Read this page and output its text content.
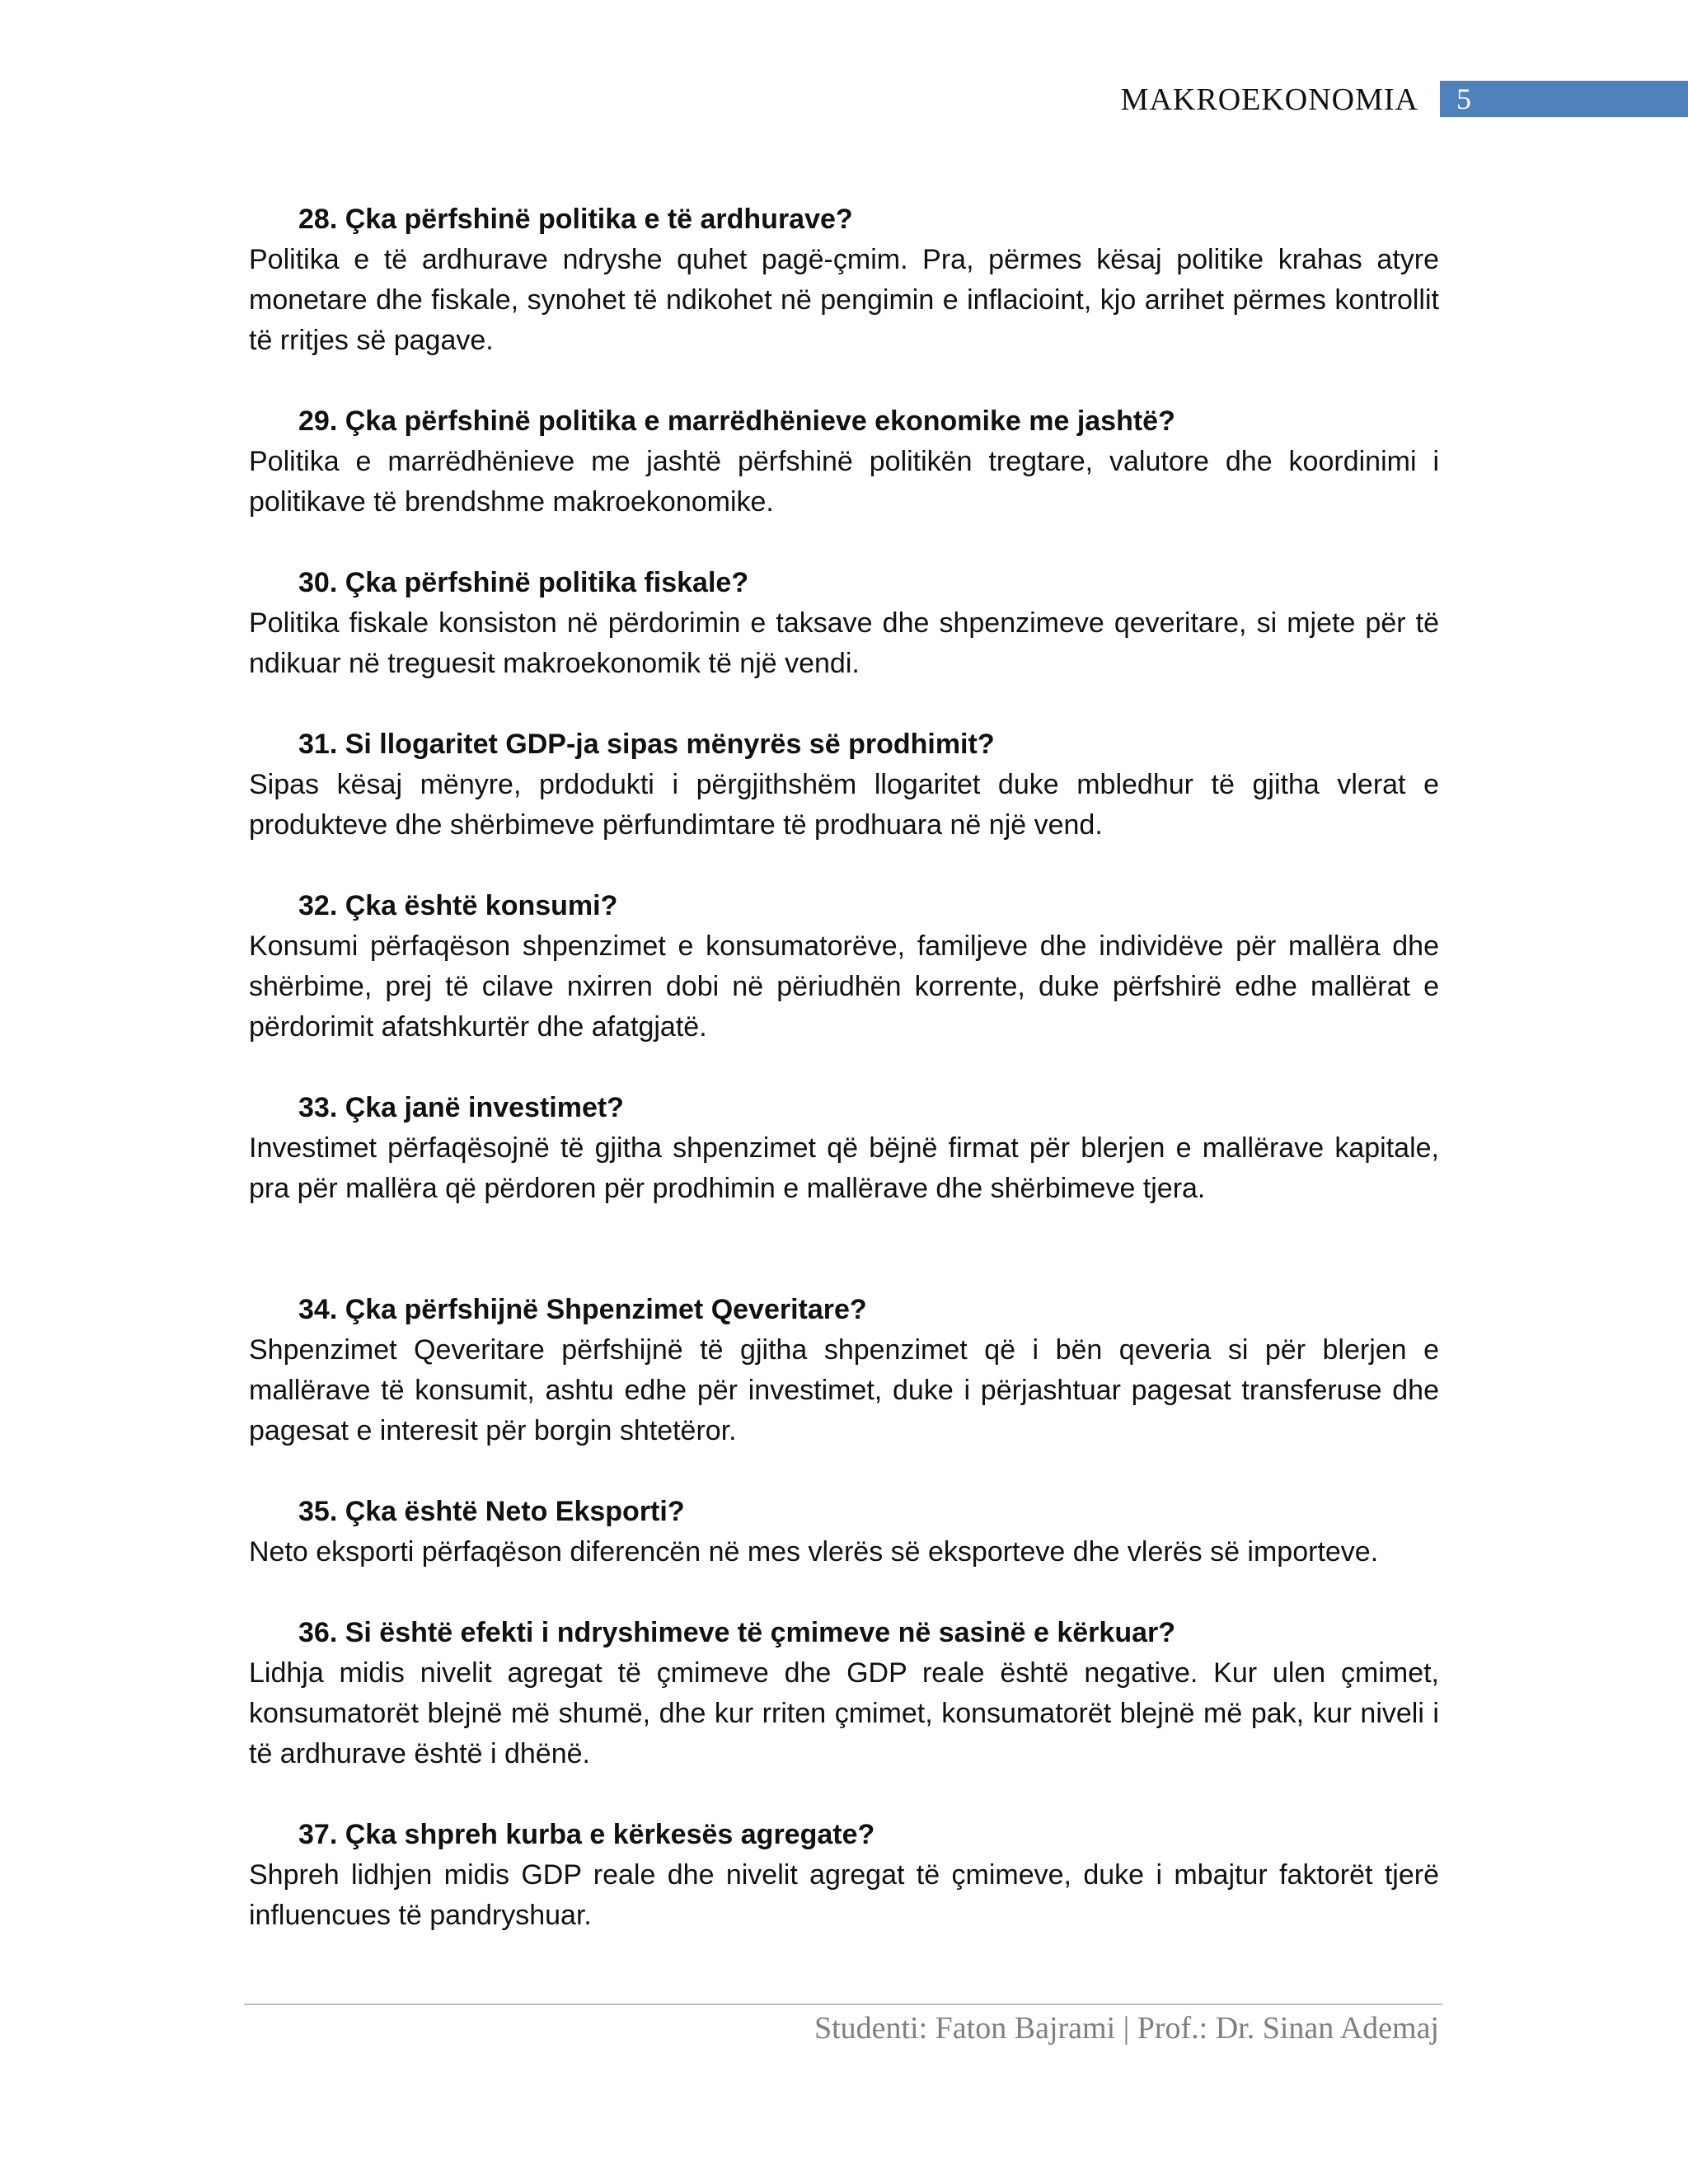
MAKROEKONOMIA 5

28. Çka përfshinë politika e të ardhurave?

Politika e të ardhurave ndryshe quhet pagë-çmim. Pra, përmes kësaj politike krahas atyre monetare dhe fiskale, synohet të ndikohet në pengimin e inflacioint, kjo arrihet përmes kontrollit të rritjes së pagave.

29. Çka përfshinë politika e marrëdhënieve ekonomike me jashtë?

Politika e marrëdhënieve me jashtë përfshinë politikën tregtare, valutore dhe koordinimi i politikave të brendshme makroekonomike.

30. Çka përfshinë politika fiskale?

Politika fiskale konsiston në përdorimin e taksave dhe shpenzimeve qeveritare, si mjete për të ndikuar në treguesit makroekonomik të një vendi.

31. Si llogaritet GDP-ja sipas mënyrës së prodhimit?

Sipas kësaj mënyre, prdodukti i përgjithshëm llogaritet duke mbledhur të gjitha vlerat e produkteve dhe shërbimeve përfundimtare të prodhuara në një vend.

32. Çka është konsumi?

Konsumi përfaqëson shpenzimet e konsumatorëve, familjeve dhe individëve për mallëra dhe shërbime, prej të cilave nxirren dobi në përiudhën korrente, duke përfshirë edhe mallërat e përdorimit afatshkurtër dhe afatgjatë.

33. Çka janë investimet?

Investimet përfaqësojnë të gjitha shpenzimet që bëjnë firmat për blerjen e mallërave kapitale, pra për mallëra që përdoren për prodhimin e mallërave dhe shërbimeve tjera.

34. Çka përfshijnë Shpenzimet Qeveritare?

Shpenzimet Qeveritare përfshijnë të gjitha shpenzimet që i bën qeveria si për blerjen e mallërave të konsumit, ashtu edhe për investimet, duke i përjashtuar pagesat transferuse dhe pagesat e interesit për borgin shtetëror.

35. Çka është Neto Eksporti?

Neto eksporti përfaqëson diferencën në mes vlerës së eksporteve dhe vlerës së importeve.

36. Si është efekti i ndryshimeve të çmimeve në sasinë e kërkuar?

Lidhja midis nivelit agregat të çmimeve dhe GDP reale është negative. Kur ulen çmimet, konsumatorët blejnë më shumë, dhe kur rriten çmimet, konsumatorët blejnë më pak, kur niveli i të ardhurave është i dhënë.

37. Çka shpreh kurba e kërkesës agregate?

Shpreh lidhjen midis GDP reale dhe nivelit agregat të çmimeve, duke i mbajtur faktorët tjerë influencues të pandryshuar.

Studenti: Faton Bajrami | Prof.: Dr. Sinan Ademaj
